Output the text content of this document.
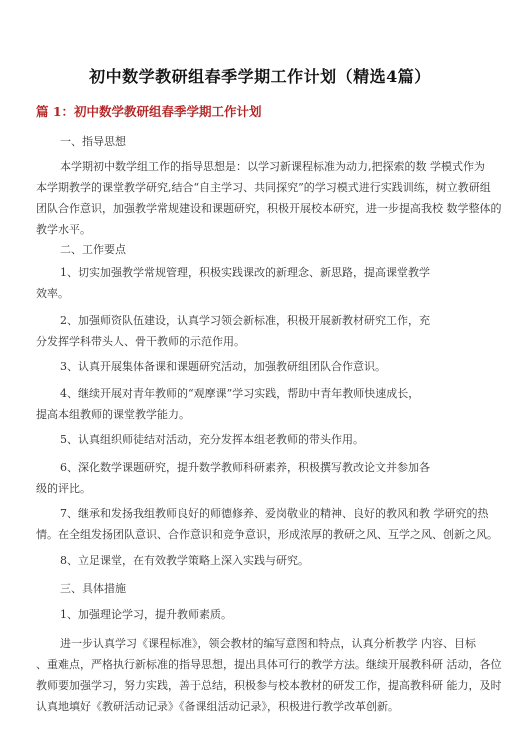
初中数学教研组春季学期工作计划（精选4篇）
篇 1：初中数学教研组春季学期工作计划
一、指导思想
本学期初中数学组工作的指导思想是：以学习新课程标准为动力,把探索的数 学模式作为
本学期教学的课堂教学研究,结合“自主学习、共同探究”的学习模式进行实践训练，树立教研组
团队合作意识，加强教学常规建设和课题研究，积极开展校本研究，进一步提高我校 数学整体的
教学水平。
二、工作要点
1、切实加强教学常规管理，积极实践课改的新理念、新思路，提高课堂教学
效率。
2、加强师资队伍建设，认真学习领会新标准，积极开展新教材研究工作，充
分发挥学科带头人、骨干教师的示范作用。
3、认真开展集体备课和课题研究活动，加强教研组团队合作意识。
4、继续开展对青年教师的“观摩课”学习实践，帮助中青年教师快速成长，
提高本组教师的课堂教学能力。
5、认真组织师徒结对活动，充分发挥本组老教师的带头作用。
6、深化数学课题研究，提升数学教师科研素养，积极撰写教改论文并参加各
级的评比。
7、继承和发扬我组教师良好的师德修养、爱岗敬业的精神、良好的教风和教 学研究的热
情。在全组发扬团队意识、合作意识和竞争意识，形成浓厚的教研之风、互学之风、创新之风。
8、立足课堂，在有效教学策略上深入实践与研究。
三、具体措施
1、加强理论学习，提升教师素质。
进一步认真学习《课程标准》，领会教材的编写意图和特点，认真分析教学 内容、目标
、重难点，严格执行新标准的指导思想，提出具体可行的教学方法。继续开展教科研 活动，各位
教师要加强学习，努力实践，善于总结，积极参与校本教材的研发工作，提高教科研 能力，及时
认真地填好《教研活动记录》《备课组活动记录》，积极进行教学改革创新。
